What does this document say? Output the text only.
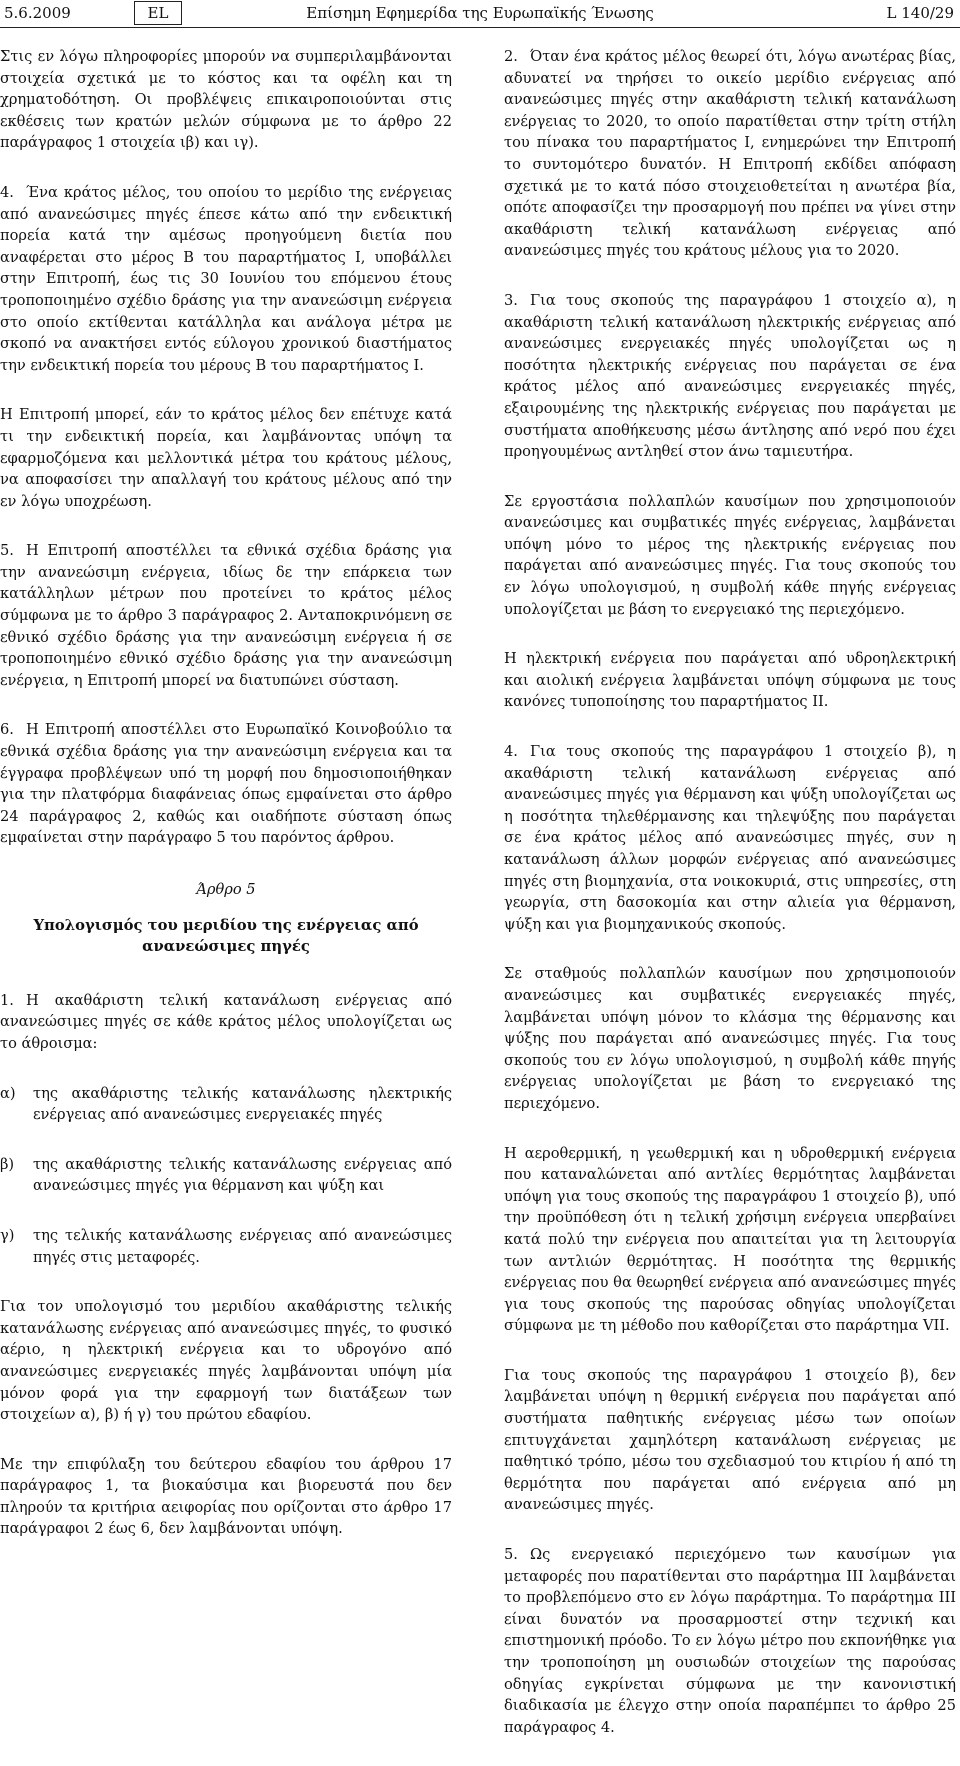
5.6.2009	EL	Επίσημη Εφημερίδα της Ευρωπαϊκής Ένωσης	L 140/29

Στις εν λόγω πληροφορίες μπορούν να συμπεριλαμβάνονται στοιχεία σχετικά με το κόστος και τα οφέλη και τη χρηματοδότηση. Οι προβλέψεις επικαιροποιούνται στις εκθέσεις των κρατών μελών σύμφωνα με το άρθρο 22 παράγραφος 1 στοιχεία ιβ) και ιγ).

4. Ένα κράτος μέλος, του οποίου το μερίδιο της ενέργειας από ανανεώσιμες πηγές έπεσε κάτω από την ενδεικτική πορεία κατά την αμέσως προηγούμενη διετία που αναφέρεται στο μέρος Β του παραρτήματος Ι, υποβάλλει στην Επιτροπή, έως τις 30 Ιουνίου του επόμενου έτους τροποποιημένο σχέδιο δράσης για την ανανεώσιμη ενέργεια στο οποίο εκτίθενται κατάλληλα και ανάλογα μέτρα με σκοπό να ανακτήσει εντός εύλογου χρονικού διαστήματος την ενδεικτική πορεία του μέρους Β του παραρτήματος Ι.

Η Επιτροπή μπορεί, εάν το κράτος μέλος δεν επέτυχε κατά τι την ενδεικτική πορεία, και λαμβάνοντας υπόψη τα εφαρμοζόμενα και μελλοντικά μέτρα του κράτους μέλους, να αποφασίσει την απαλλαγή του κράτους μέλους από την εν λόγω υποχρέωση.

5. Η Επιτροπή αποστέλλει τα εθνικά σχέδια δράσης για την ανανεώσιμη ενέργεια, ιδίως δε την επάρκεια των κατάλληλων μέτρων που προτείνει το κράτος μέλος σύμφωνα με το άρθρο 3 παράγραφος 2. Ανταποκρινόμενη σε εθνικό σχέδιο δράσης για την ανανεώσιμη ενέργεια ή σε τροποποιημένο εθνικό σχέδιο δράσης για την ανανεώσιμη ενέργεια, η Επιτροπή μπορεί να διατυπώνει σύσταση.

6. Η Επιτροπή αποστέλλει στο Ευρωπαϊκό Κοινοβούλιο τα εθνικά σχέδια δράσης για την ανανεώσιμη ενέργεια και τα έγγραφα προβλέψεων υπό τη μορφή που δημοσιοποιήθηκαν για την πλατφόρμα διαφάνειας όπως εμφαίνεται στο άρθρο 24 παράγραφος 2, καθώς και οιαδήποτε σύσταση όπως εμφαίνεται στην παράγραφο 5 του παρόντος άρθρου.

Άρθρο 5
Υπολογισμός του μεριδίου της ενέργειας από ανανεώσιμες πηγές

1. Η ακαθάριστη τελική κατανάλωση ενέργειας από ανανεώσιμες πηγές σε κάθε κράτος μέλος υπολογίζεται ως το άθροισμα:

α)	της ακαθάριστης τελικής κατανάλωσης ηλεκτρικής ενέργειας από ανανεώσιμες ενεργειακές πηγές
β)	της ακαθάριστης τελικής κατανάλωσης ενέργειας από ανανεώσιμες πηγές για θέρμανση και ψύξη και
γ)	της τελικής κατανάλωσης ενέργειας από ανανεώσιμες πηγές στις μεταφορές.

Για τον υπολογισμό του μεριδίου ακαθάριστης τελικής κατανάλωσης ενέργειας από ανανεώσιμες πηγές, το φυσικό αέριο, η ηλεκτρική ενέργεια και το υδρογόνο από ανανεώσιμες ενεργειακές πηγές λαμβάνονται υπόψη μία μόνον φορά για την εφαρμογή των διατάξεων των στοιχείων α), β) ή γ) του πρώτου εδαφίου.

Με την επιφύλαξη του δεύτερου εδαφίου του άρθρου 17 παράγραφος 1, τα βιοκαύσιμα και βιορευστά που δεν πληρούν τα κριτήρια αειφορίας που ορίζονται στο άρθρο 17 παράγραφοι 2 έως 6, δεν λαμβάνονται υπόψη.

2. Όταν ένα κράτος μέλος θεωρεί ότι, λόγω ανωτέρας βίας, αδυνατεί να τηρήσει το οικείο μερίδιο ενέργειας από ανανεώσιμες πηγές στην ακαθάριστη τελική κατανάλωση ενέργειας το 2020, το οποίο παρατίθεται στην τρίτη στήλη του πίνακα του παραρτήματος Ι, ενημερώνει την Επιτροπή το συντομότερο δυνατόν. Η Επιτροπή εκδίδει απόφαση σχετικά με το κατά πόσο στοιχειοθετείται η ανωτέρα βία, οπότε αποφασίζει την προσαρμογή που πρέπει να γίνει στην ακαθάριστη τελική κατανάλωση ενέργειας από ανανεώσιμες πηγές του κράτους μέλους για το 2020.

3. Για τους σκοπούς της παραγράφου 1 στοιχείο α), η ακαθάριστη τελική κατανάλωση ηλεκτρικής ενέργειας από ανανεώσιμες ενεργειακές πηγές υπολογίζεται ως η ποσότητα ηλεκτρικής ενέργειας που παράγεται σε ένα κράτος μέλος από ανανεώσιμες ενεργειακές πηγές, εξαιρουμένης της ηλεκτρικής ενέργειας που παράγεται με συστήματα αποθήκευσης μέσω άντλησης από νερό που έχει προηγουμένως αντληθεί στον άνω ταμιευτήρα.

Σε εργοστάσια πολλαπλών καυσίμων που χρησιμοποιούν ανανεώσιμες και συμβατικές πηγές ενέργειας, λαμβάνεται υπόψη μόνο το μέρος της ηλεκτρικής ενέργειας που παράγεται από ανανεώσιμες πηγές. Για τους σκοπούς του εν λόγω υπολογισμού, η συμβολή κάθε πηγής ενέργειας υπολογίζεται με βάση το ενεργειακό της περιεχόμενο.

Η ηλεκτρική ενέργεια που παράγεται από υδροηλεκτρική και αιολική ενέργεια λαμβάνεται υπόψη σύμφωνα με τους κανόνες τυποποίησης του παραρτήματος ΙΙ.

4. Για τους σκοπούς της παραγράφου 1 στοιχείο β), η ακαθάριστη τελική κατανάλωση ενέργειας από ανανεώσιμες πηγές για θέρμανση και ψύξη υπολογίζεται ως η ποσότητα τηλεθέρμανσης και τηλεψύξης που παράγεται σε ένα κράτος μέλος από ανανεώσιμες πηγές, συν η κατανάλωση άλλων μορφών ενέργειας από ανανεώσιμες πηγές στη βιομηχανία, στα νοικοκυριά, στις υπηρεσίες, στη γεωργία, στη δασοκομία και στην αλιεία για θέρμανση, ψύξη και για βιομηχανικούς σκοπούς.

Σε σταθμούς πολλαπλών καυσίμων που χρησιμοποιούν ανανεώσιμες και συμβατικές ενεργειακές πηγές, λαμβάνεται υπόψη μόνον το κλάσμα της θέρμανσης και ψύξης που παράγεται από ανανεώσιμες πηγές. Για τους σκοπούς του εν λόγω υπολογισμού, η συμβολή κάθε πηγής ενέργειας υπολογίζεται με βάση το ενεργειακό της περιεχόμενο.

Η αεροθερμική, η γεωθερμική και η υδροθερμική ενέργεια που καταναλώνεται από αντλίες θερμότητας λαμβάνεται υπόψη για τους σκοπούς της παραγράφου 1 στοιχείο β), υπό την προϋπόθεση ότι η τελική χρήσιμη ενέργεια υπερβαίνει κατά πολύ την ενέργεια που απαιτείται για τη λειτουργία των αντλιών θερμότητας. Η ποσότητα της θερμικής ενέργειας που θα θεωρηθεί ενέργεια από ανανεώσιμες πηγές για τους σκοπούς της παρούσας οδηγίας υπολογίζεται σύμφωνα με τη μέθοδο που καθορίζεται στο παράρτημα VII.

Για τους σκοπούς της παραγράφου 1 στοιχείο β), δεν λαμβάνεται υπόψη η θερμική ενέργεια που παράγεται από συστήματα παθητικής ενέργειας μέσω των οποίων επιτυγχάνεται χαμηλότερη κατανάλωση ενέργειας με παθητικό τρόπο, μέσω του σχεδιασμού του κτιρίου ή από τη θερμότητα που παράγεται από ενέργεια από μη ανανεώσιμες πηγές.

5. Ως ενεργειακό περιεχόμενο των καυσίμων για μεταφορές που παρατίθενται στο παράρτημα ΙΙΙ λαμβάνεται το προβλεπόμενο στο εν λόγω παράρτημα. Το παράρτημα ΙΙΙ είναι δυνατόν να προσαρμοστεί στην τεχνική και επιστημονική πρόοδο. Το εν λόγω μέτρο που εκπονήθηκε για την τροποποίηση μη ουσιωδών στοιχείων της παρούσας οδηγίας εγκρίνεται σύμφωνα με την κανονιστική διαδικασία με έλεγχο στην οποία παραπέμπει το άρθρο 25 παράγραφος 4.
